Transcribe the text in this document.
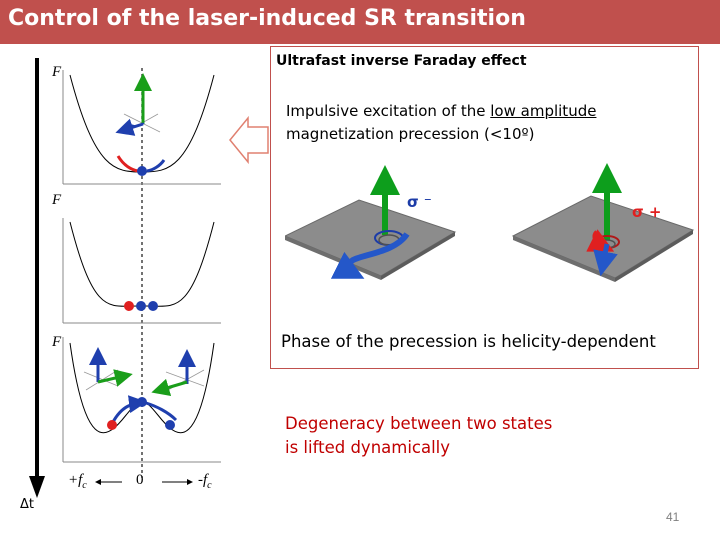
Control of the laser-induced SR transition
F
F
F
Δt
$+f_c$	0	$-f_c$
Ultrafast inverse Faraday effect
Impulsive excitation of the low amplitude
magnetization precession (<10º)
σ ⁻
σ +
Phase of the precession is helicity-dependent
Degeneracy between two states
is lifted dynamically
41
